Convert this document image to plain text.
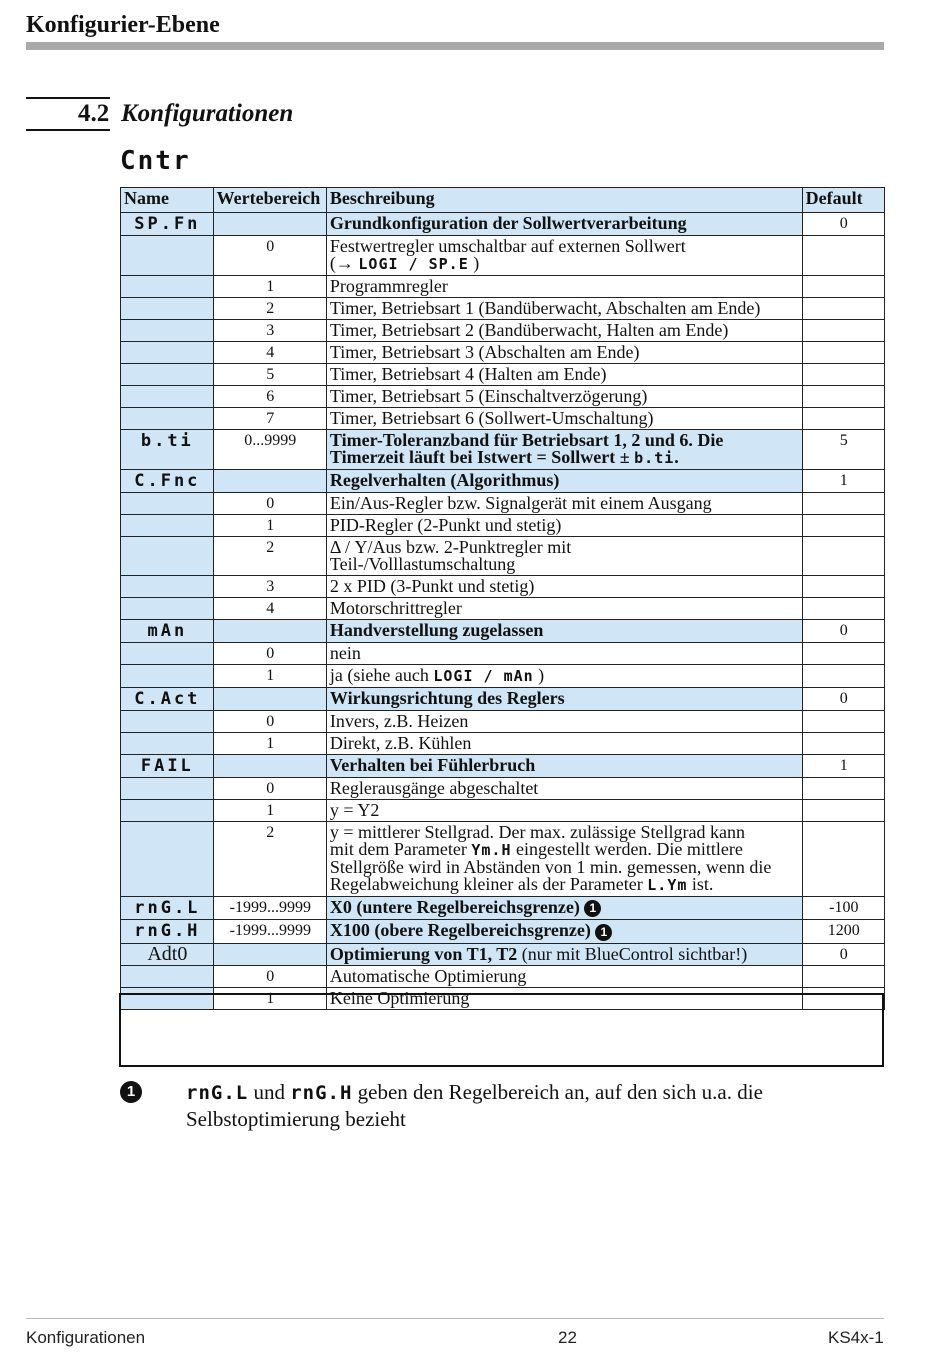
Konfigurier-Ebene
4.2 Konfigurationen
Cntr
Name	Wertebereich	Beschreibung	Default
SP.Fn		Grundkonfiguration der Sollwertverarbeitung	0
	0	Festwertregler umschaltbar auf externen Sollwert
(→ LOGI / SP.E )	

	1	Programmregler	

	2	Timer, Betriebsart 1 (Bandüberwacht, Abschalten am Ende)	

	3	Timer, Betriebsart 2 (Bandüberwacht, Halten am Ende)	

	4	Timer, Betriebsart 3 (Abschalten am Ende)	

	5	Timer, Betriebsart 4 (Halten am Ende)	

	6	Timer, Betriebsart 5 (Einschaltverzögerung)	

	7	Timer, Betriebsart 6 (Sollwert-Umschaltung)	

b.ti	0...9999	Timer-Toleranzband für Betriebsart 1, 2 und 6. Die
Timerzeit läuft bei Istwert = Sollwert ± b.ti.	5
C.Fnc		Regelverhalten (Algorithmus)	1
	0	Ein/Aus-Regler bzw. Signalgerät mit einem Ausgang	

	1	PID-Regler (2-Punkt und stetig)	

	2	Δ / Y/Aus bzw. 2-Punktregler mit
Teil-/Volllastumschaltung	

	3	2 x PID (3-Punkt und stetig)	

	4	Motorschrittregler	

mAn		Handverstellung zugelassen	0
	0	nein	

	1	ja (siehe auch LOGI / mAn )	

C.Act		Wirkungsrichtung des Reglers	0
	0	Invers, z.B. Heizen	

	1	Direkt, z.B. Kühlen	

FAIL		Verhalten bei Fühlerbruch	1
	0	Reglerausgänge abgeschaltet	

	1	y = Y2	

	2	y = mittlerer Stellgrad. Der max. zulässige Stellgrad kann
mit dem Parameter Ym.H eingestellt werden. Die mittlere
Stellgröße wird in Abständen von 1 min. gemessen, wenn die
Regelabweichung kleiner als der Parameter L.Ym ist.	

rnG.L	-1999...9999	X0 (untere Regelbereichsgrenze) 1	-100
rnG.H	-1999...9999	X100 (obere Regelbereichsgrenze) 1	1200
Adt0		Optimierung von T1, T2 (nur mit BlueControl sichtbar!)	0
	0	Automatische Optimierung	

	1	Keine Optimierung	

1	rnG.L und rnG.H geben den Regelbereich an, auf den sich u.a. die
Selbstoptimierung bezieht
Konfigurationen	22	KS4x-1
